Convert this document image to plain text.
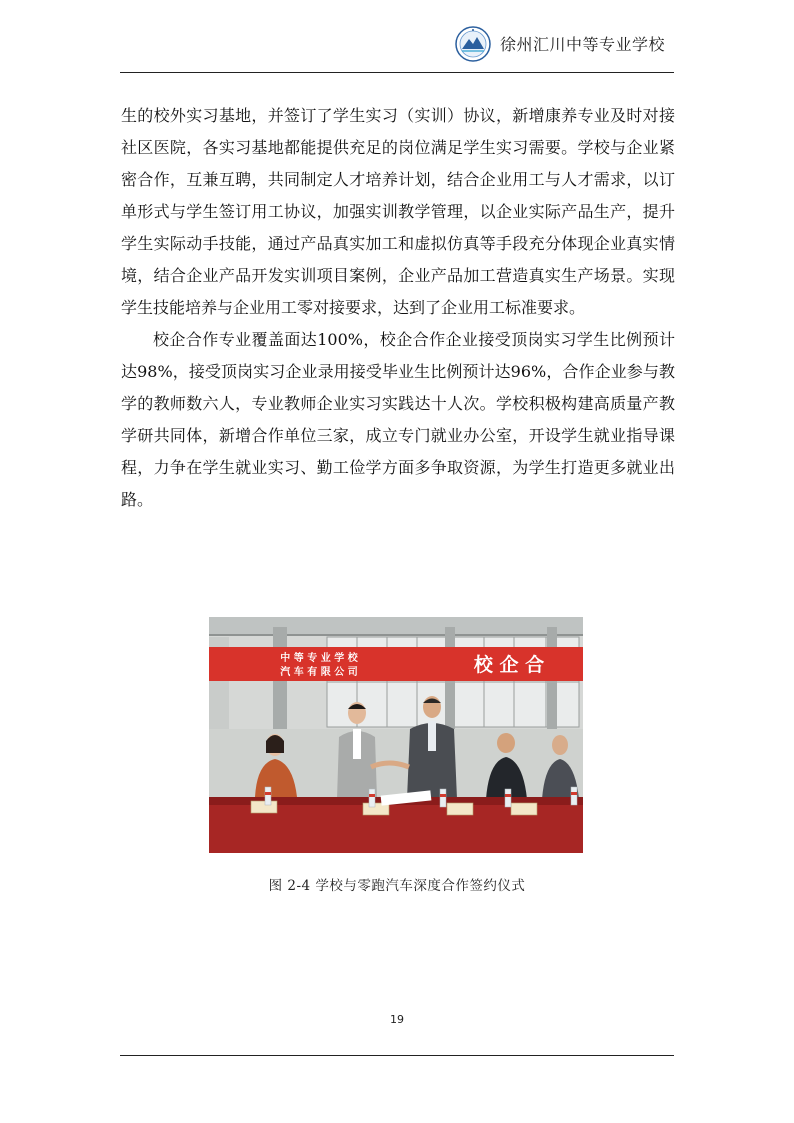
徐州汇川中等专业学校

生的校外实习基地，并签订了学生实习（实训）协议，新增康养专业及时对接社区医院，各实习基地都能提供充足的岗位满足学生实习需要。学校与企业紧密合作，互兼互聘，共同制定人才培养计划，结合企业用工与人才需求，以订单形式与学生签订用工协议，加强实训教学管理，以企业实际产品生产，提升学生实际动手技能，通过产品真实加工和虚拟仿真等手段充分体现企业真实情境，结合企业产品开发实训项目案例，企业产品加工营造真实生产场景。实现学生技能培养与企业用工零对接要求，达到了企业用工标准要求。

校企合作专业覆盖面达100%，校企合作企业接受顶岗实习学生比例预计达98%，接受顶岗实习企业录用接受毕业生比例预计达96%，合作企业参与教学的教师数六人，专业教师企业实习实践达十人次。学校积极构建高质量产教学研共同体，新增合作单位三家，成立专门就业办公室，开设学生就业指导课程，力争在学生就业实习、勤工俭学方面多争取资源，为学生打造更多就业出路。

中 等 专 业 学 校
汽 车 有 限 公 司	校 企 合
图 2-4 学校与零跑汽车深度合作签约仪式
19
